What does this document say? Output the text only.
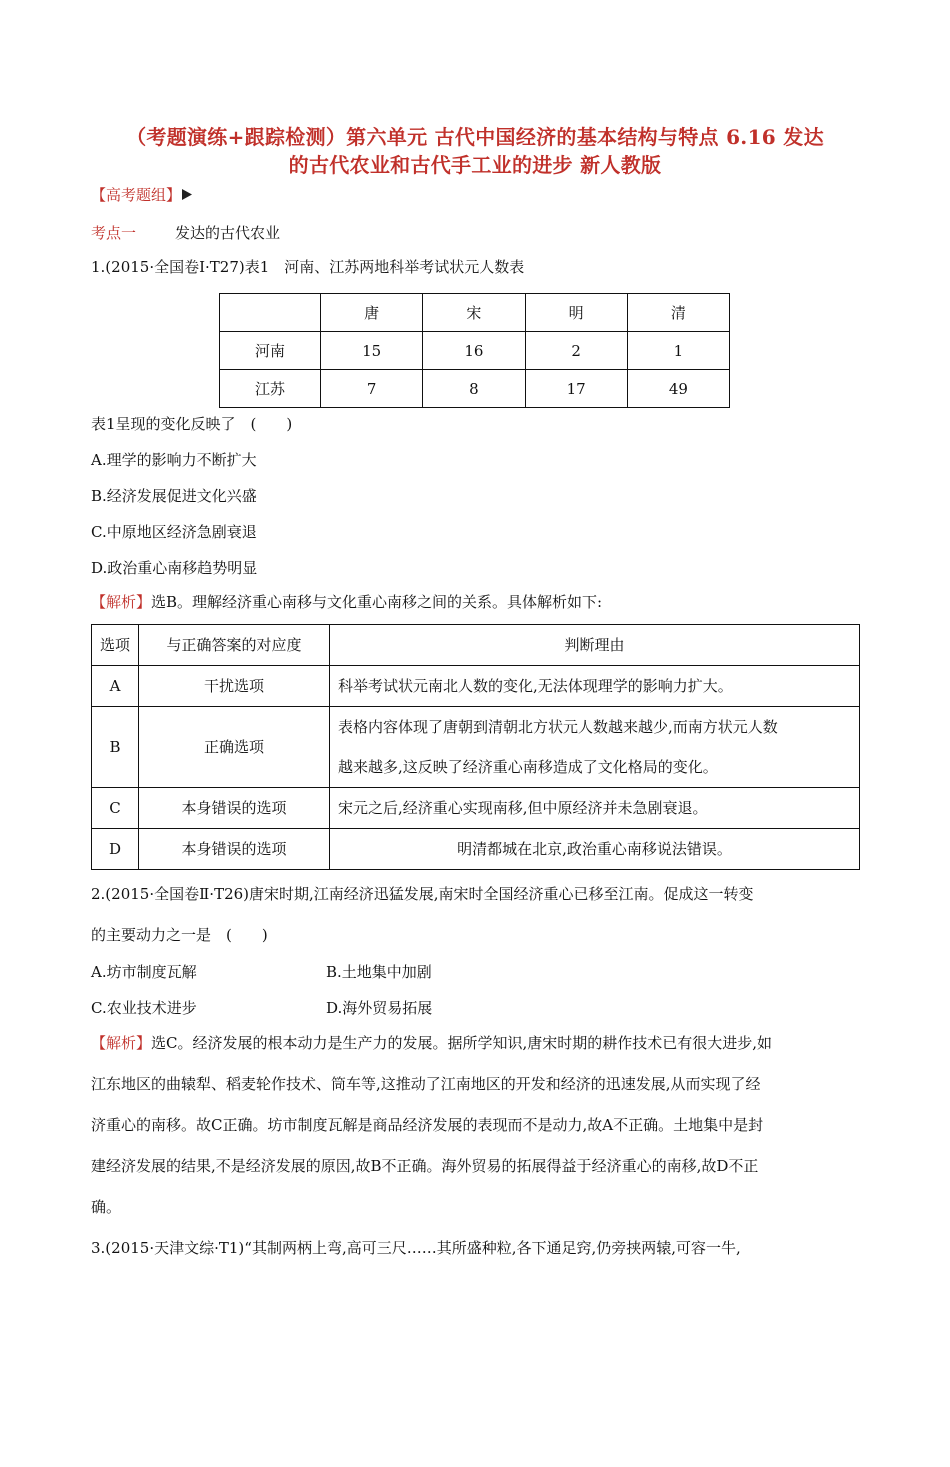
（考题演练+跟踪检测）第六单元 古代中国经济的基本结构与特点 6.16 发达
的古代农业和古代手工业的进步 新人教版
【高考题组】
考点一	发达的古代农业
1.(2015·全国卷Ⅰ·T27)表1　河南、江苏两地科举考试状元人数表
	唐	宋	明	清
河南	15	16	2	1
江苏	7	8	17	49
表1呈现的变化反映了　(　　)
A.理学的影响力不断扩大
B.经济发展促进文化兴盛
C.中原地区经济急剧衰退
D.政治重心南移趋势明显
【解析】选B。理解经济重心南移与文化重心南移之间的关系。具体解析如下:
选项	与正确答案的对应度	判断理由
A	干扰选项	科举考试状元南北人数的变化,无法体现理学的影响力扩大。
B	正确选项	表格内容体现了唐朝到清朝北方状元人数越来越少,而南方状元人数
越来越多,这反映了经济重心南移造成了文化格局的变化。

C	本身错误的选项	宋元之后,经济重心实现南移,但中原经济并未急剧衰退。
D	本身错误的选项	明清都城在北京,政治重心南移说法错误。
2.(2015·全国卷Ⅱ·T26)唐宋时期,江南经济迅猛发展,南宋时全国经济重心已移至江南。促成这一转变
的主要动力之一是　(　　)
A.坊市制度瓦解	B.土地集中加剧
C.农业技术进步	D.海外贸易拓展
【解析】选C。经济发展的根本动力是生产力的发展。据所学知识,唐宋时期的耕作技术已有很大进步,如
江东地区的曲辕犁、稻麦轮作技术、筒车等,这推动了江南地区的开发和经济的迅速发展,从而实现了经
济重心的南移。故C正确。坊市制度瓦解是商品经济发展的表现而不是动力,故A不正确。土地集中是封
建经济发展的结果,不是经济发展的原因,故B不正确。海外贸易的拓展得益于经济重心的南移,故D不正
确。
3.(2015·天津文综·T1)“其制两柄上弯,高可三尺……其所盛种粒,各下通足窍,仍旁挟两辕,可容一牛,
